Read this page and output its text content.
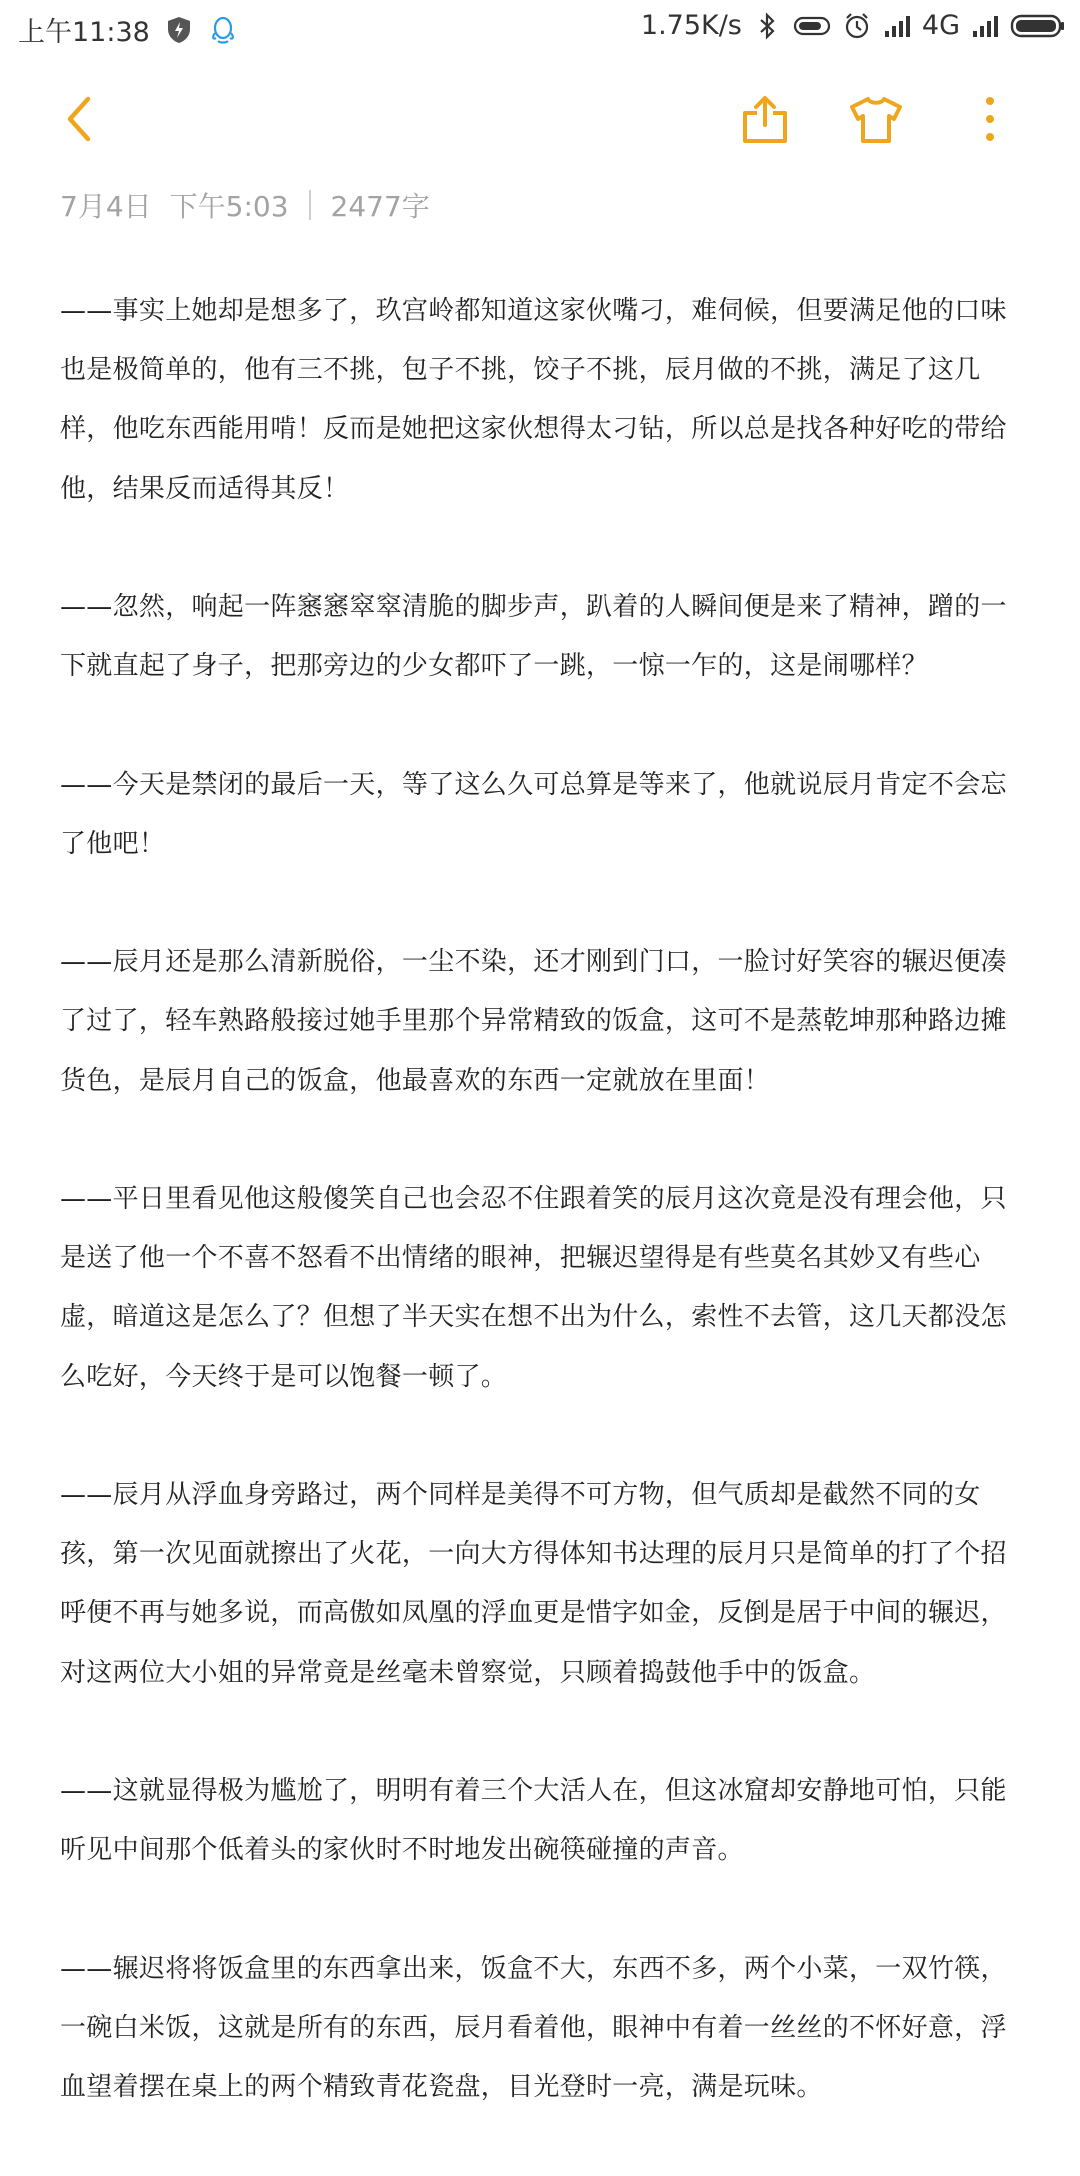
上午11:38	1.75K/s	4G
7月4日 下午5:03 2477字

——事实上她却是想多了，玖宫岭都知道这家伙嘴刁，难伺候，但要满足他的口味也是极简单的，他有三不挑，包子不挑，饺子不挑，辰月做的不挑，满足了这几样，他吃东西能用啃！反而是她把这家伙想得太刁钻，所以总是找各种好吃的带给他，结果反而适得其反！

——忽然，响起一阵窸窸窣窣清脆的脚步声，趴着的人瞬间便是来了精神，蹭的一下就直起了身子，把那旁边的少女都吓了一跳，一惊一乍的，这是闹哪样？

——今天是禁闭的最后一天，等了这么久可总算是等来了，他就说辰月肯定不会忘了他吧！

——辰月还是那么清新脱俗，一尘不染，还才刚到门口，一脸讨好笑容的辗迟便凑了过了，轻车熟路般接过她手里那个异常精致的饭盒，这可不是蒸乾坤那种路边摊货色，是辰月自己的饭盒，他最喜欢的东西一定就放在里面！

——平日里看见他这般傻笑自己也会忍不住跟着笑的辰月这次竟是没有理会他，只是送了他一个不喜不怒看不出情绪的眼神，把辗迟望得是有些莫名其妙又有些心虚，暗道这是怎么了？但想了半天实在想不出为什么，索性不去管，这几天都没怎么吃好，今天终于是可以饱餐一顿了。

——辰月从浮血身旁路过，两个同样是美得不可方物，但气质却是截然不同的女孩，第一次见面就擦出了火花，一向大方得体知书达理的辰月只是简单的打了个招呼便不再与她多说，而高傲如凤凰的浮血更是惜字如金，反倒是居于中间的辗迟，对这两位大小姐的异常竟是丝毫未曾察觉，只顾着捣鼓他手中的饭盒。

——这就显得极为尴尬了，明明有着三个大活人在，但这冰窟却安静地可怕，只能听见中间那个低着头的家伙时不时地发出碗筷碰撞的声音。

——辗迟将将饭盒里的东西拿出来，饭盒不大，东西不多，两个小菜，一双竹筷，一碗白米饭，这就是所有的东西，辰月看着他，眼神中有着一丝丝的不怀好意，浮血望着摆在桌上的两个精致青花瓷盘，目光登时一亮，满是玩味。
